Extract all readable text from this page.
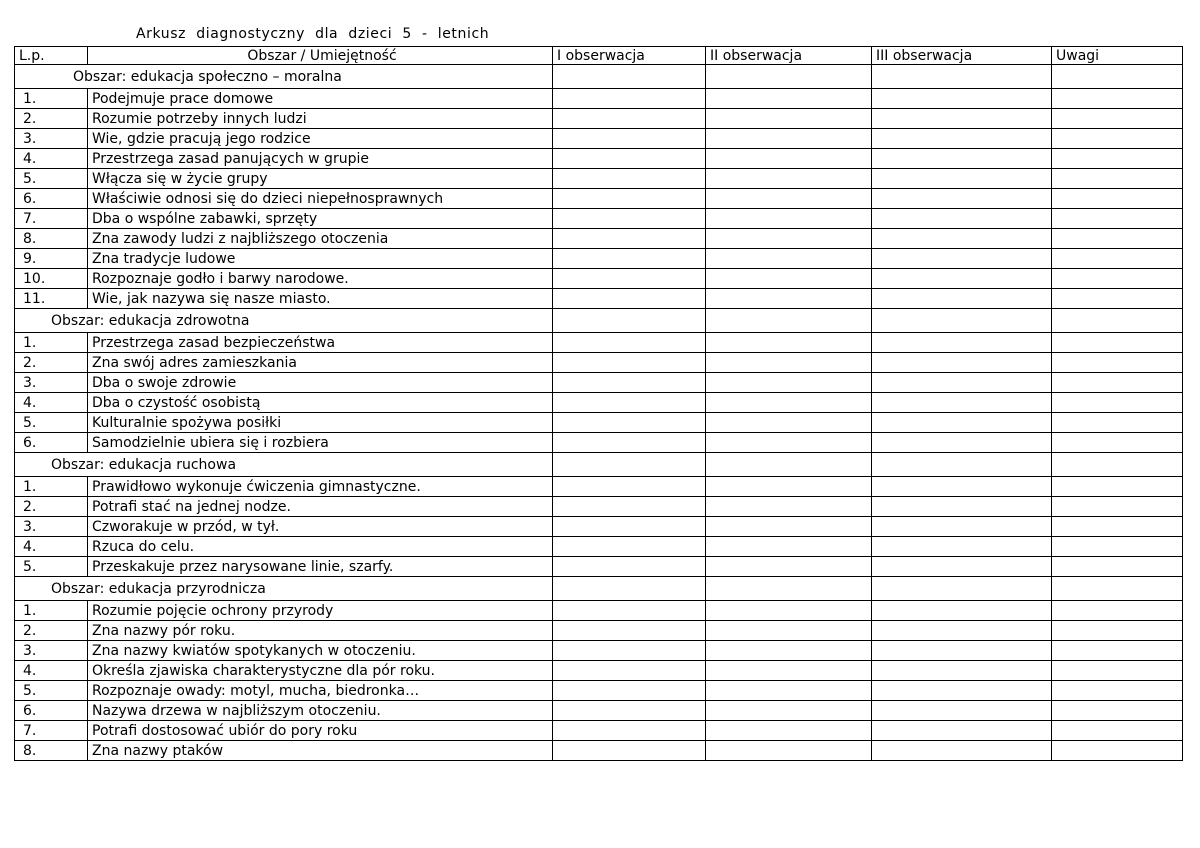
Arkusz  diagnostyczny  dla  dzieci  5  -  letnich
L.p.	Obszar / Umiejętność	I obserwacja	II obserwacja	III obserwacja	Uwagi
Obszar: edukacja społeczno – moralna					
1.	Podejmuje prace domowe				
2.	Rozumie potrzeby innych ludzi				
3.	Wie, gdzie pracują jego rodzice				
4.	Przestrzega zasad panujących w grupie				
5.	Włącza się w życie grupy				
6.	Właściwie odnosi się do dzieci niepełnosprawnych				
7.	Dba o wspólne zabawki, sprzęty				
8.	Zna zawody ludzi z najbliższego otoczenia				
9.	Zna tradycje ludowe				
10.	Rozpoznaje godło i barwy narodowe.				
11.	Wie, jak nazywa się nasze miasto.				
Obszar: edukacja zdrowotna					
1.	Przestrzega zasad bezpieczeństwa				
2.	Zna swój adres zamieszkania				
3.	Dba o swoje zdrowie				
4.	Dba o czystość osobistą				
5.	Kulturalnie spożywa posiłki				
6.	Samodzielnie ubiera się i rozbiera				
Obszar: edukacja ruchowa					
1.	Prawidłowo wykonuje ćwiczenia gimnastyczne.				
2.	Potrafi stać na jednej nodze.				
3.	Czworakuje w przód, w tył.				
4.	Rzuca do celu.				
5.	Przeskakuje przez narysowane linie, szarfy.				
Obszar: edukacja przyrodnicza					
1.	Rozumie pojęcie ochrony przyrody				
2.	Zna nazwy pór roku.				
3.	Zna nazwy kwiatów spotykanych w otoczeniu.				
4.	Określa zjawiska charakterystyczne dla pór roku.				
5.	Rozpoznaje owady: motyl, mucha, biedronka…				
6.	Nazywa drzewa w najbliższym otoczeniu.				
7.	Potrafi dostosować ubiór do pory roku				
8.	Zna nazwy ptaków				
